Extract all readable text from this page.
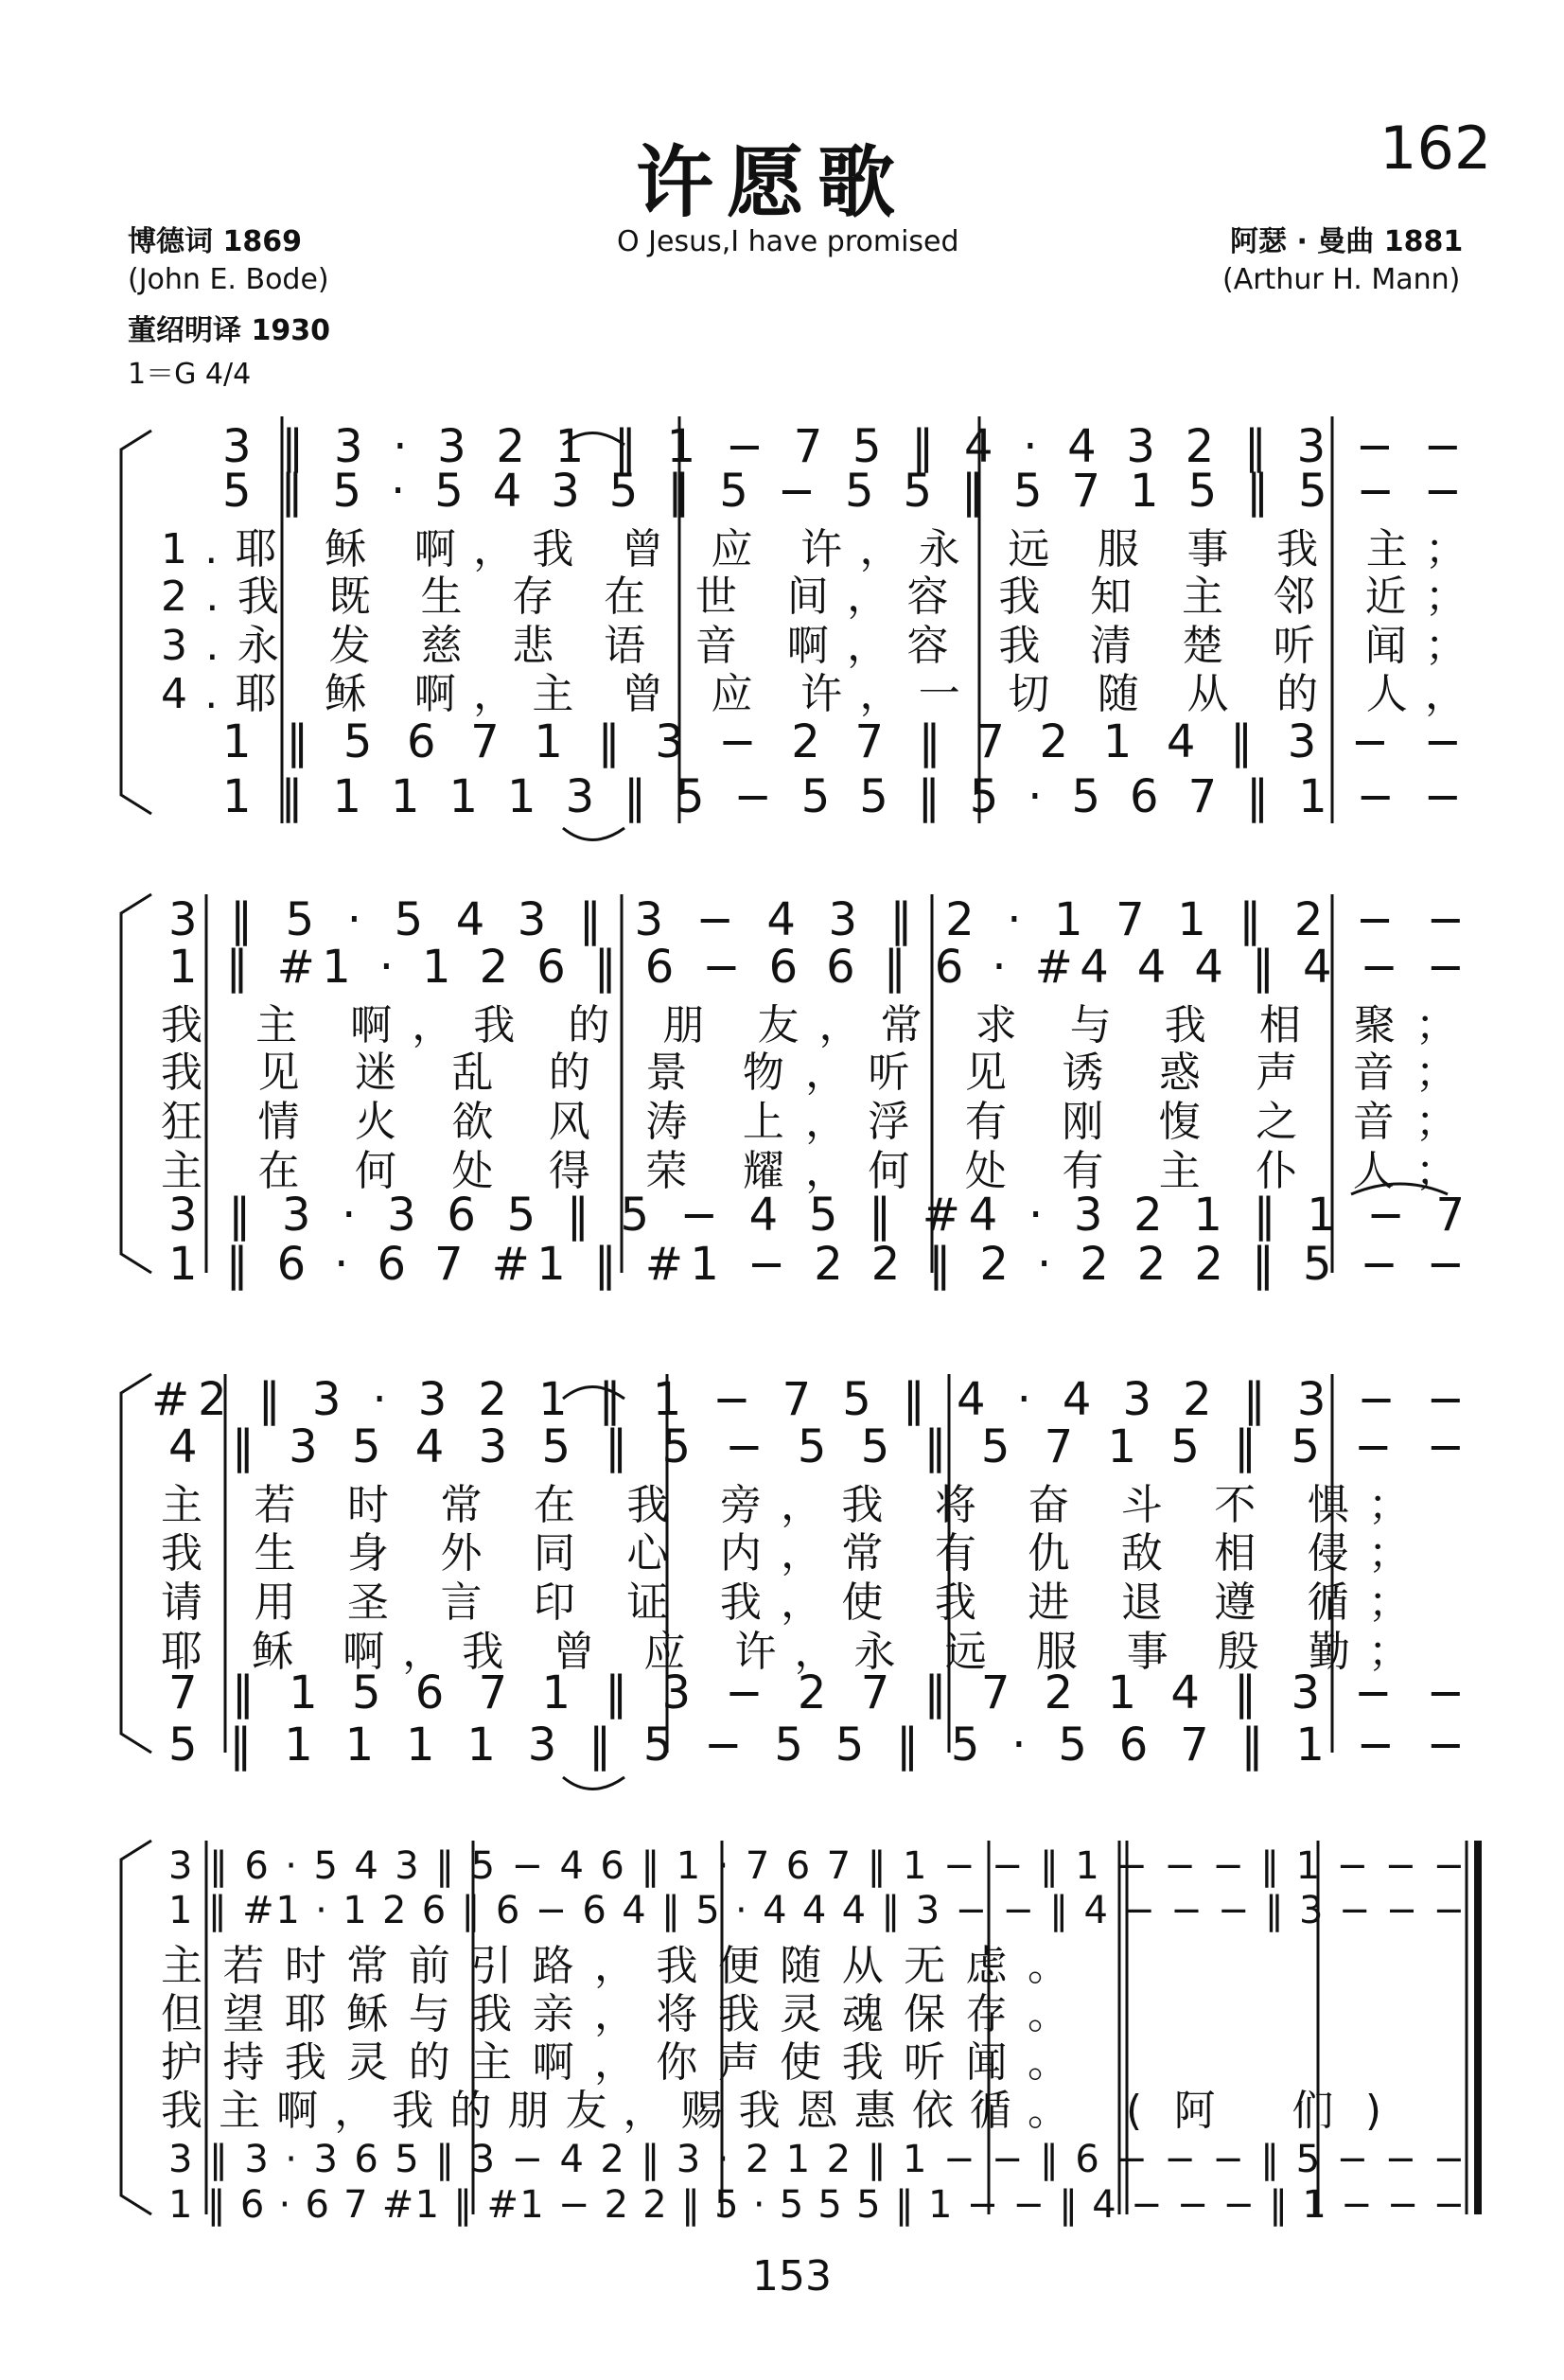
许愿歌	162
O Jesus,I have promised
博德词 1869
(John E. Bode)
董绍明译 1930
1＝G 4/4
阿瑟 · 曼曲 1881
(Arthur H. Mann)
3 ‖ 3 · 3 2 1 ‖ 1 − 7 5 ‖ 4 · 4 3 2 ‖ 3 − −
5 ‖ 5 · 5 4 3 5 ‖ 5 − 5 5 ‖ 5 7 1 5 ‖ 5 − −
1.耶 稣 啊，我 曾 应 许，永 远 服 事 我 主；
2.我 既 生 存 在 世 间，容 我 知 主 邻 近；
3.永 发 慈 悲 语 音 啊，容 我 清 楚 听 闻；
4.耶 稣 啊，主 曾 应 许，一 切 随 从 的 人，
1 ‖ 5 6 7 1 ‖ 3 − 2 7 ‖ 7 2 1 4 ‖ 3 − −
1 ‖ 1 1 1 1 3 ‖ 5 − 5 5 ‖ 5 · 5 6 7 ‖ 1 − −
3 ‖ 5 · 5 4 3 ‖ 3 − 4 3 ‖ 2 · 1 7 1 ‖ 2 − −
1 ‖ #1 · 1 2 6 ‖ 6 − 6 6 ‖ 6 · #4 4 4 ‖ 4 − −
我 主 啊，我 的 朋 友，常 求 与 我 相 聚；
我 见 迷 乱 的 景 物，听 见 诱 惑 声 音；
狂 情 火 欲 风 涛 上，浮 有 刚 愎 之 音；
主 在 何 处 得 荣 耀，何 处 有 主 仆 人；
3 ‖ 3 · 3 6 5 ‖ 5 − 4 5 ‖ #4 · 3 2 1 ‖ 1 − 7
1 ‖ 6 · 6 7 #1 ‖ #1 − 2 2 ‖ 2 · 2 2 2 ‖ 5 − −
#2 ‖ 3 · 3 2 1 ‖ 1 − 7 5 ‖ 4 · 4 3 2 ‖ 3 − −
4 ‖ 3 5 4 3 5 ‖ 5 − 5 5 ‖ 5 7 1 5 ‖ 5 − −
主 若 时 常 在 我 旁，我 将 奋 斗 不 惧；
我 生 身 外 同 心 内，常 有 仇 敌 相 侵；
请 用 圣 言 印 证 我，使 我 进 退 遵 循；
耶 稣 啊，我 曾 应 许，永 远 服 事 殷 勤；
7 ‖ 1 5 6 7 1 ‖ 3 − 2 7 ‖ 7 2 1 4 ‖ 3 − −
5 ‖ 1 1 1 1 3 ‖ 5 − 5 5 ‖ 5 · 5 6 7 ‖ 1 − −
3 ‖ 6 · 5 4 3 ‖ 5 − 4 6 ‖ 1 · 7 6 7 ‖ 1 − − ‖ 1 − − − ‖ 1 − − −
1 ‖ #1 · 1 2 6 ‖ 6 − 6 4 ‖ 5 · 4 4 4 ‖ 3 − − ‖ 4 − − − ‖ 3 − − −
主若时常前引路，我便随从无虑。
但望耶稣与我亲，将我灵魂保存。
护持我灵的主啊，你声使我听闻。
我主啊，我的朋友，赐我恩惠依循。 (阿 们)
3 ‖ 3 · 3 6 5 ‖ 3 − 4 2 ‖ 3 · 2 1 2 ‖ 1 − − ‖ 6 − − − ‖ 5 − − −
1 ‖ 6 · 6 7 #1 ‖ #1 − 2 2 ‖ 5 · 5 5 5 ‖ 1 − − ‖ 4 − − − ‖ 1 − − −
153
